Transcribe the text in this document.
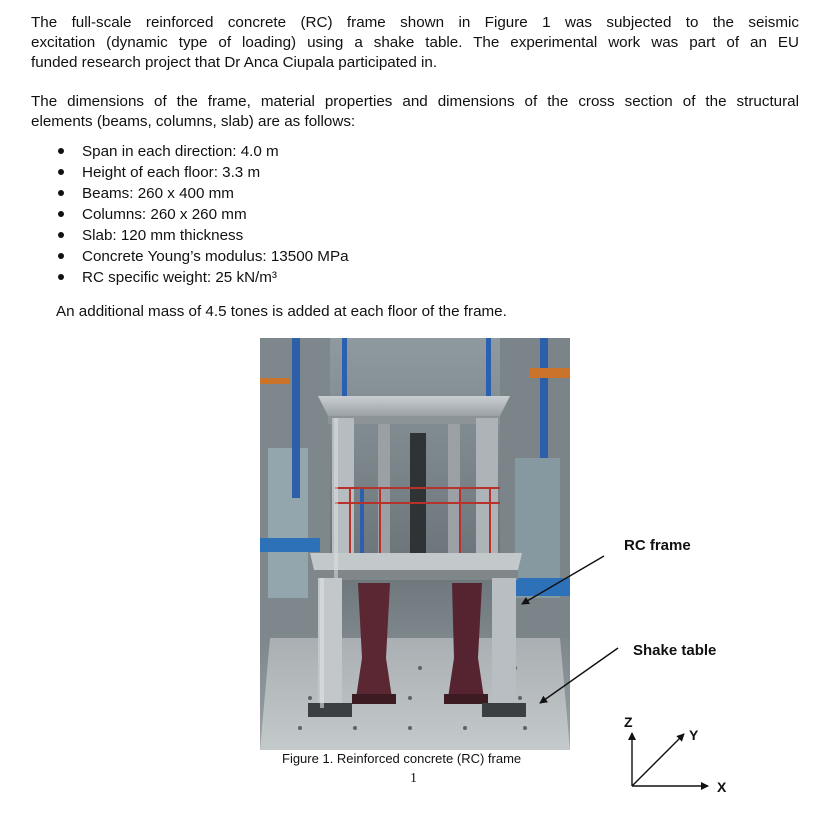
The full-scale reinforced concrete (RC) frame shown in Figure 1 was subjected to the seismic
excitation (dynamic type of loading) using a shake table. The experimental work was part of an EU
funded research project that Dr Anca Ciupala participated in.
The dimensions of the frame, material properties and dimensions of the cross section of the structural
elements (beams, columns, slab) are as follows:
Span in each direction: 4.0 m
Height of each floor: 3.3 m
Beams: 260 x 400 mm
Columns: 260 x 260 mm
Slab: 120 mm thickness
Concrete Young’s modulus: 13500 MPa
RC specific weight: 25 kN/m³

An additional mass of 4.5 tones is added at each floor of the frame.

Figure 1. Reinforced concrete (RC) frame
1
RC frame
Shake table
Z
Y
X
